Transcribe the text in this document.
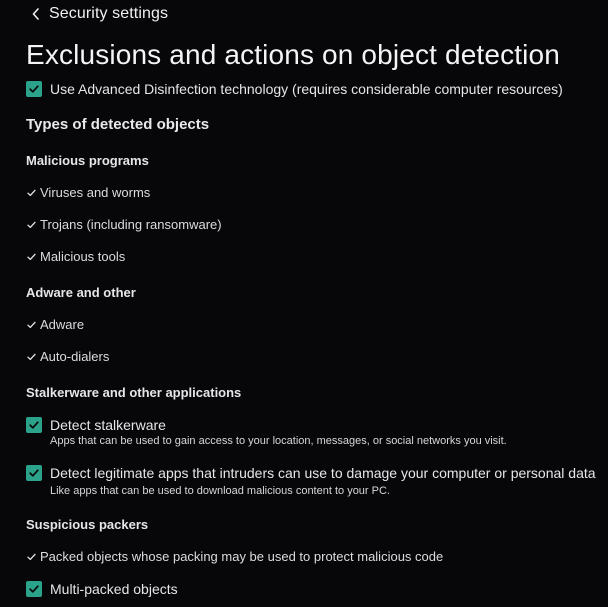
Security settings
Exclusions and actions on object detection
Use Advanced Disinfection technology (requires considerable computer resources)
Types of detected objects
Malicious programs
Viruses and worms
Trojans (including ransomware)
Malicious tools
Adware and other
Adware
Auto-dialers
Stalkerware and other applications
Detect stalkerware
Apps that can be used to gain access to your location, messages, or social networks you visit.
Detect legitimate apps that intruders can use to damage your computer or personal data
Like apps that can be used to download malicious content to your PC.
Suspicious packers
Packed objects whose packing may be used to protect malicious code
Multi-packed objects
